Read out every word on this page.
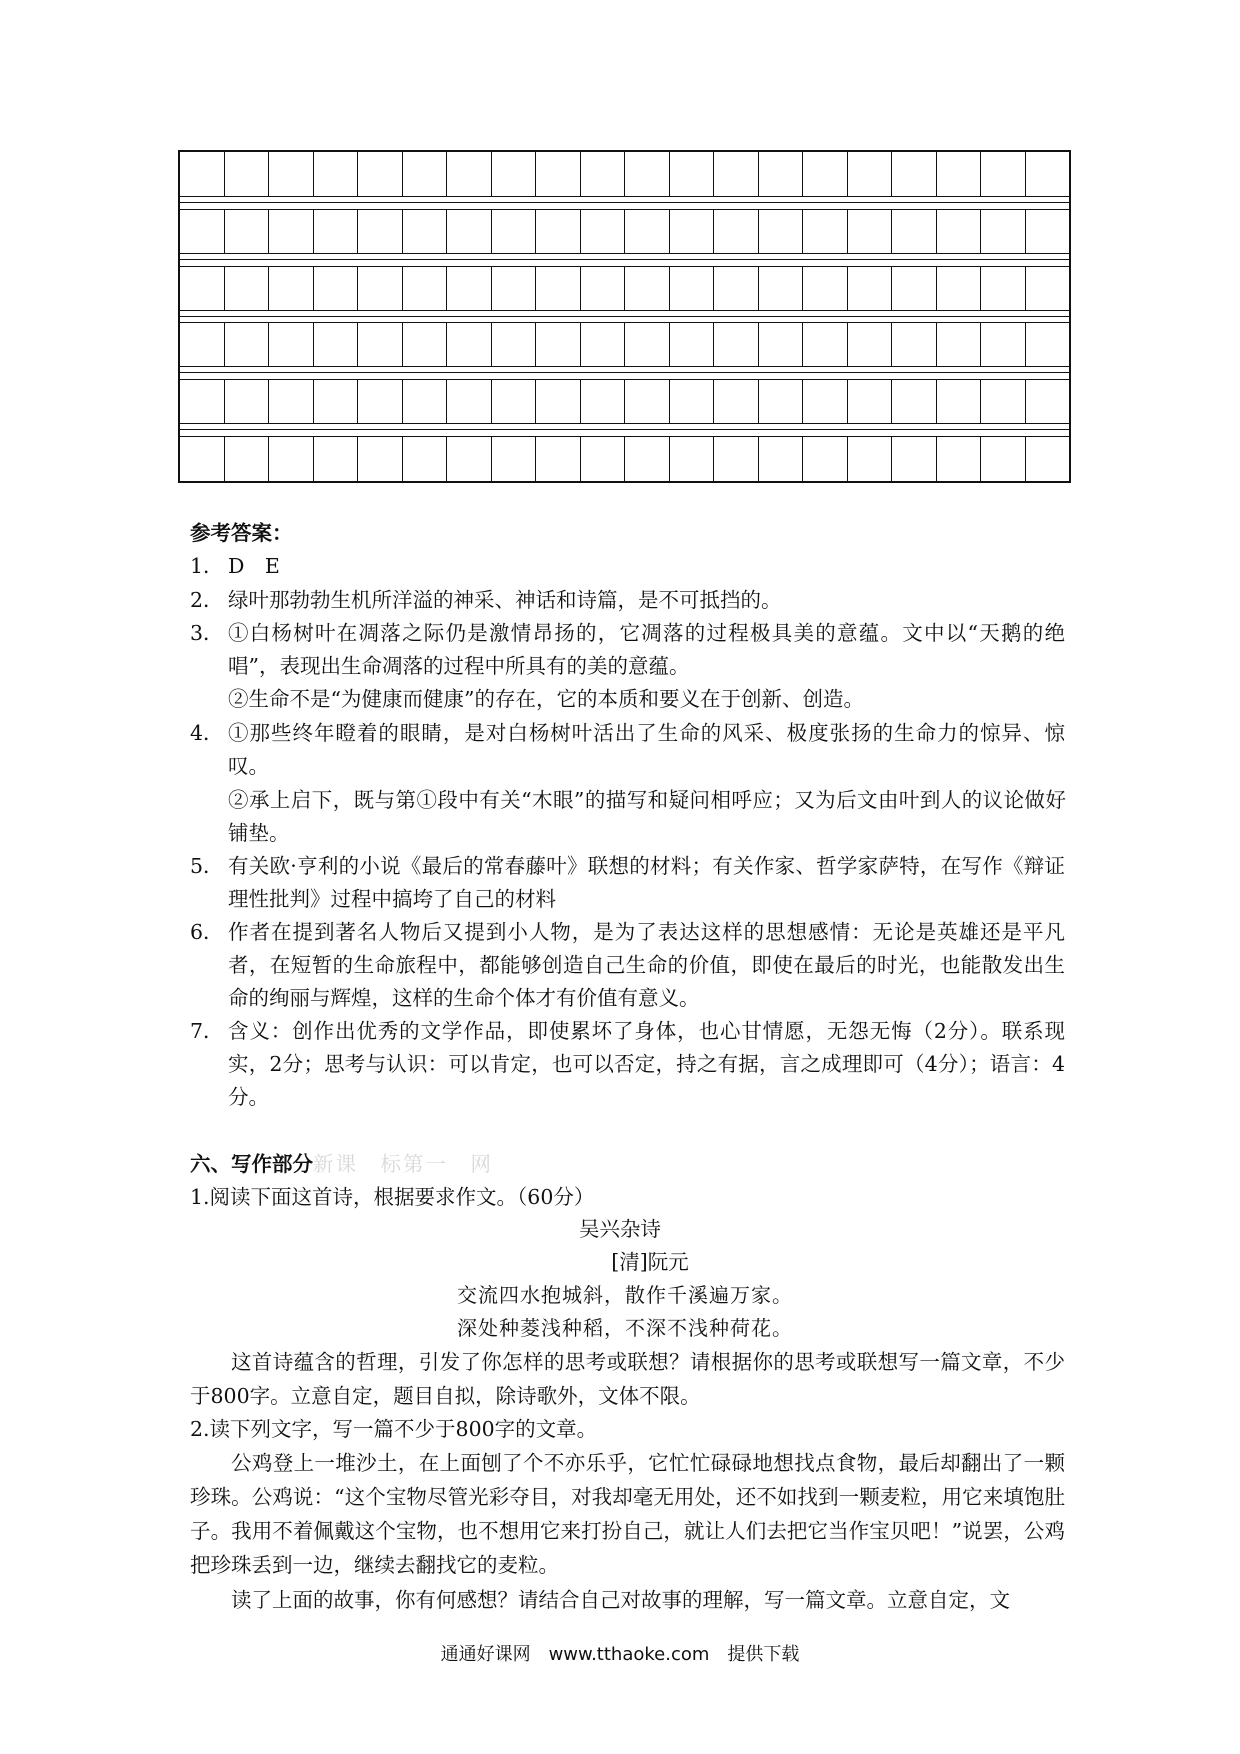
参考答案：
1． D　E
2． 绿叶那勃勃生机所洋溢的神采、神话和诗篇，是不可抵挡的。
3． ①白杨树叶在凋落之际仍是激情昂扬的，它凋落的过程极具美的意蕴。文中以“天鹅的绝唱”，表现出生命凋落的过程中所具有的美的意蕴。
②生命不是“为健康而健康”的存在，它的本质和要义在于创新、创造。
4． ①那些终年瞪着的眼睛，是对白杨树叶活出了生命的风采、极度张扬的生命力的惊异、惊叹。
②承上启下，既与第①段中有关“木眼”的描写和疑问相呼应；又为后文由叶到人的议论做好铺垫。
5． 有关欧·亨利的小说《最后的常春藤叶》联想的材料；有关作家、哲学家萨特，在写作《辩证理性批判》过程中搞垮了自己的材料
6． 作者在提到著名人物后又提到小人物，是为了表达这样的思想感情：无论是英雄还是平凡者，在短暂的生命旅程中，都能够创造自己生命的价值，即使在最后的时光，也能散发出生命的绚丽与辉煌，这样的生命个体才有价值有意义。
7． 含义：创作出优秀的文学作品，即使累坏了身体，也心甘情愿，无怨无悔（2分）。联系现实，2分；思考与认识：可以肯定，也可以否定，持之有据，言之成理即可（4分）；语言：4分。
六、写作部分新课　标第一　网
1.阅读下面这首诗，根据要求作文。（60分）
吴兴杂诗
[清]阮元
交流四水抱城斜，散作千溪遍万家。
深处种菱浅种稻，不深不浅种荷花。
这首诗蕴含的哲理，引发了你怎样的思考或联想？请根据你的思考或联想写一篇文章，不少于800字。立意自定，题目自拟，除诗歌外，文体不限。
2.读下列文字，写一篇不少于800字的文章。
公鸡登上一堆沙土，在上面刨了个不亦乐乎，它忙忙碌碌地想找点食物，最后却翻出了一颗珍珠。公鸡说：“这个宝物尽管光彩夺目，对我却毫无用处，还不如找到一颗麦粒，用它来填饱肚子。我用不着佩戴这个宝物，也不想用它来打扮自己，就让人们去把它当作宝贝吧！”说罢，公鸡把珍珠丢到一边，继续去翻找它的麦粒。
读了上面的故事，你有何感想？请结合自己对故事的理解，写一篇文章。立意自定，文
通通好课网　www.tthaoke.com　提供下载
